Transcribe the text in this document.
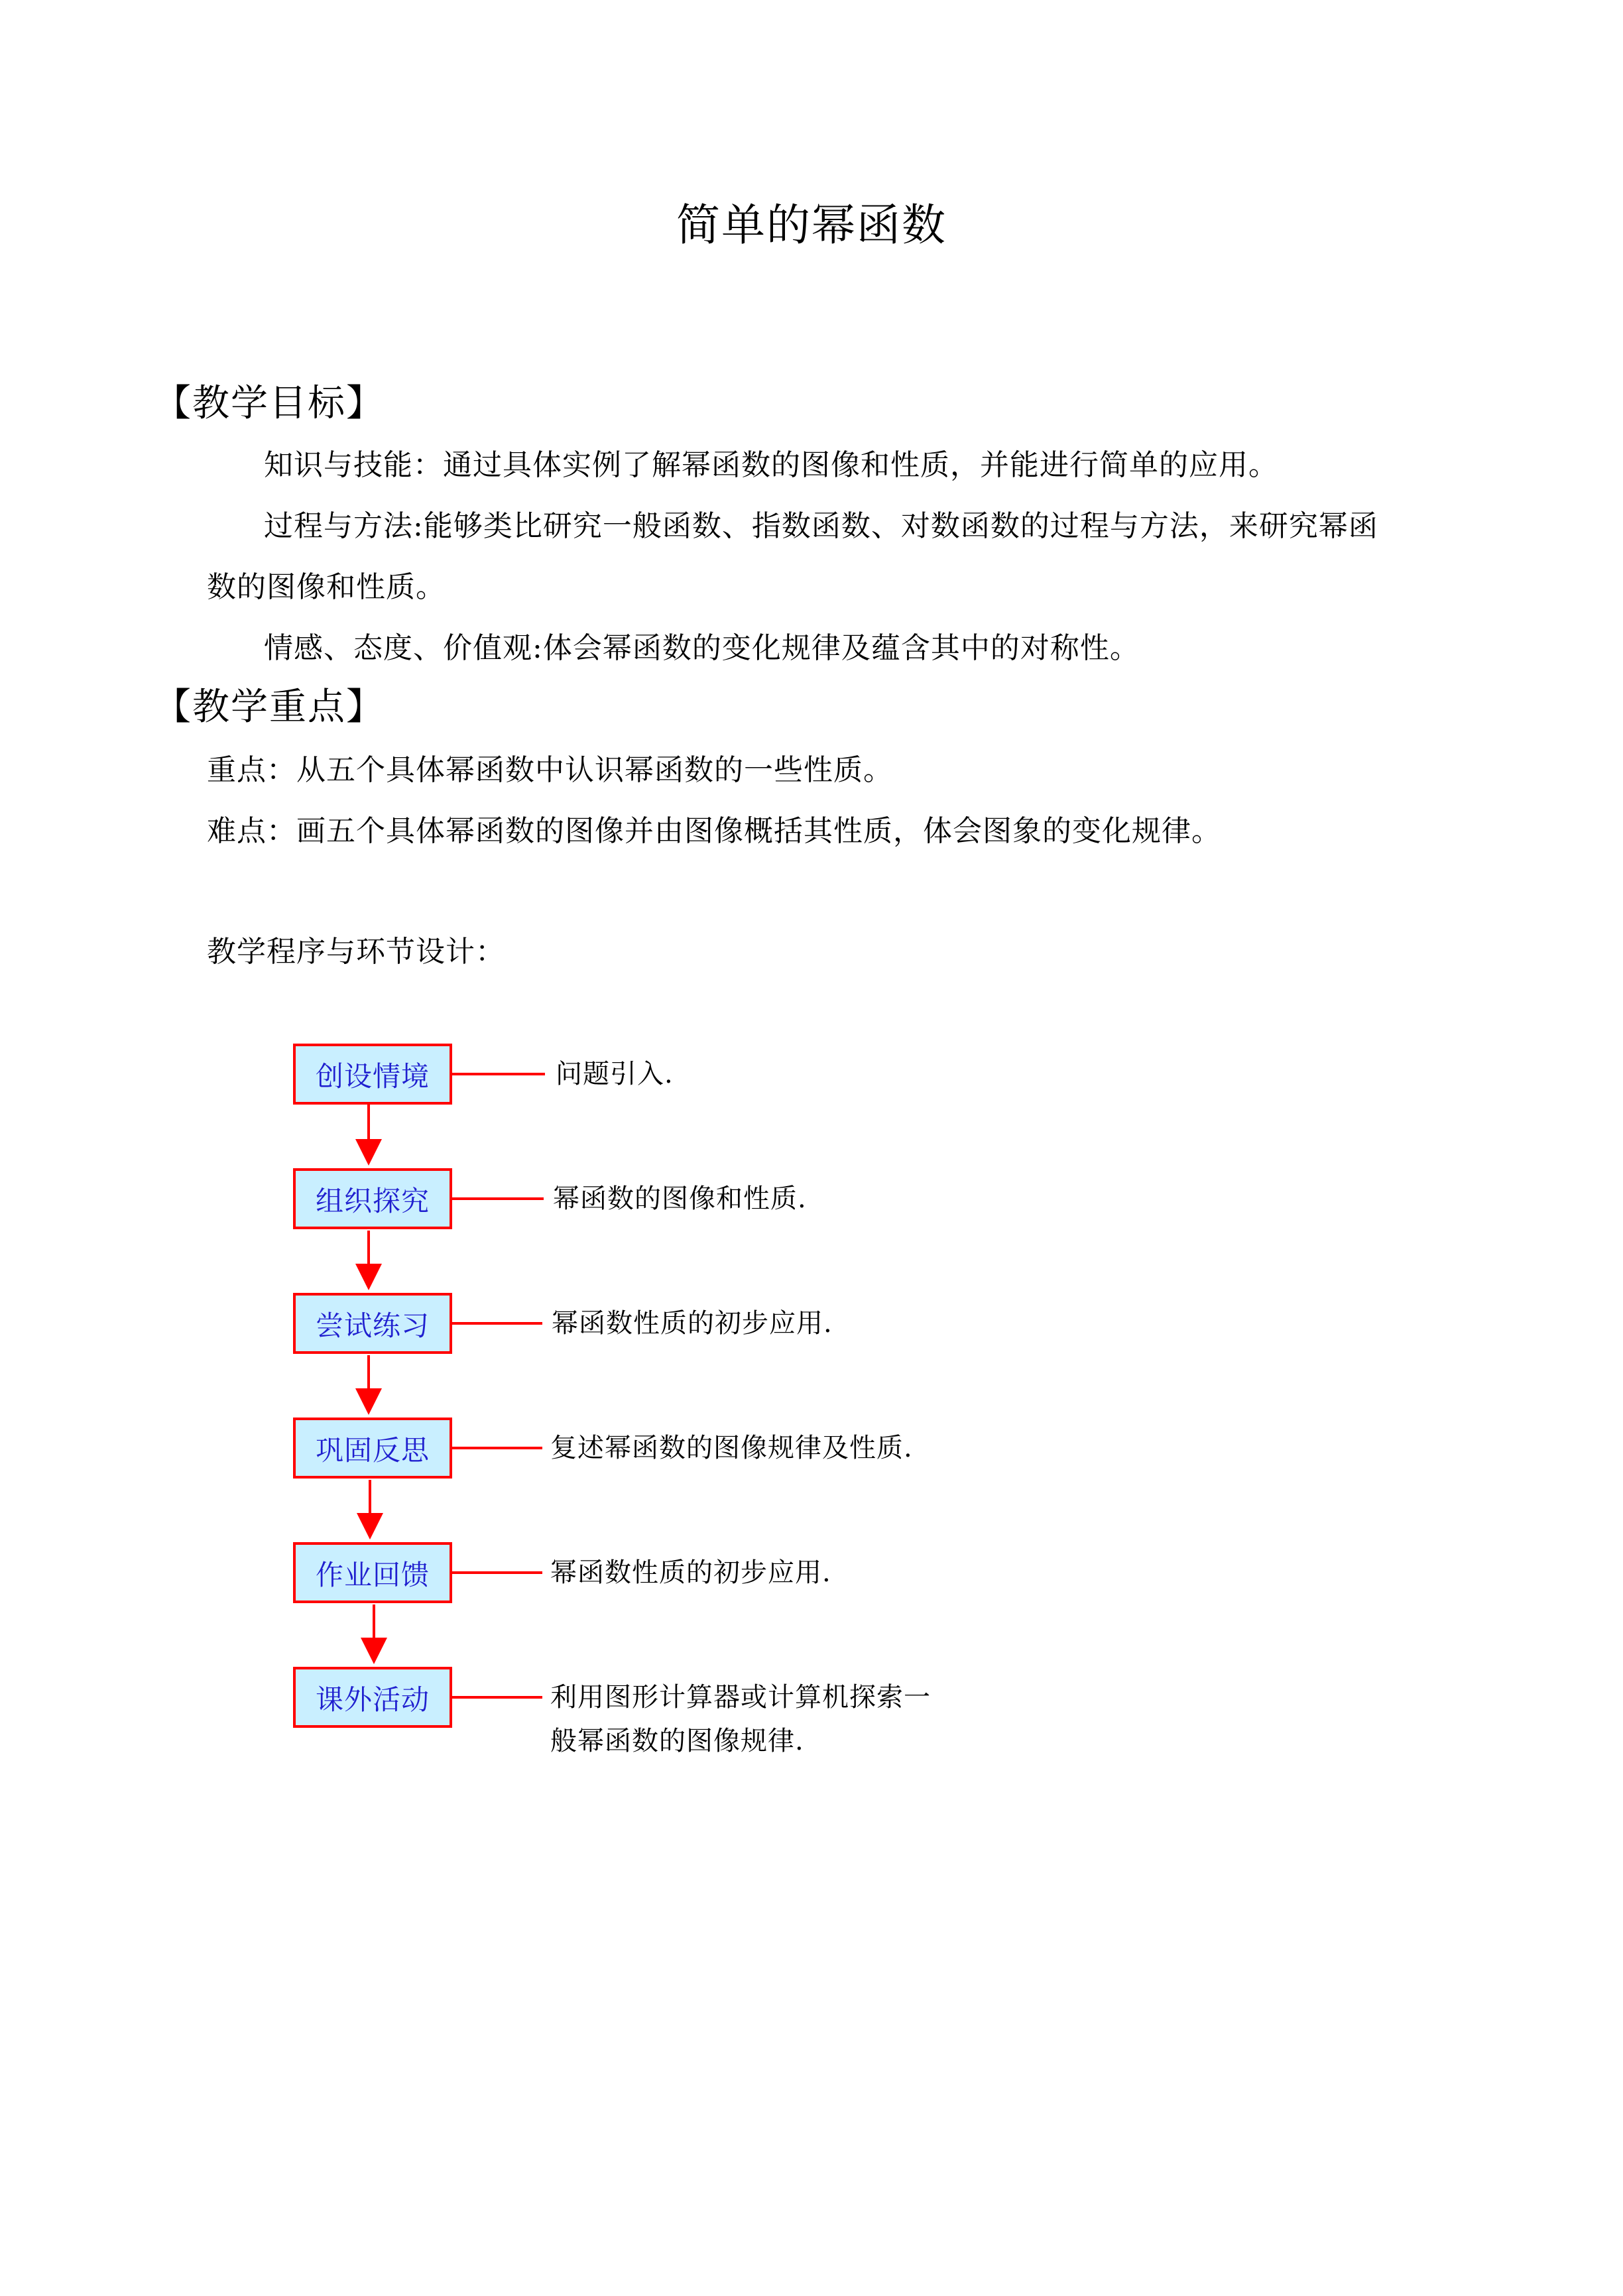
简单的幂函数
【教学目标】
知识与技能：通过具体实例了解幂函数的图像和性质，并能进行简单的应用。
过程与方法:能够类比研究一般函数、指数函数、对数函数的过程与方法，来研究幂函
数的图像和性质。
情感、态度、价值观:体会幂函数的变化规律及蕴含其中的对称性。
【教学重点】
重点：从五个具体幂函数中认识幂函数的一些性质。
难点：画五个具体幂函数的图像并由图像概括其性质，体会图象的变化规律。
教学程序与环节设计：
创设情境	问题引入.
组织探究	幂函数的图像和性质.
尝试练习	幂函数性质的初步应用.
巩固反思	复述幂函数的图像规律及性质.
作业回馈	幂函数性质的初步应用.
课外活动	利用图形计算器或计算机探索一
般幂函数的图像规律.
